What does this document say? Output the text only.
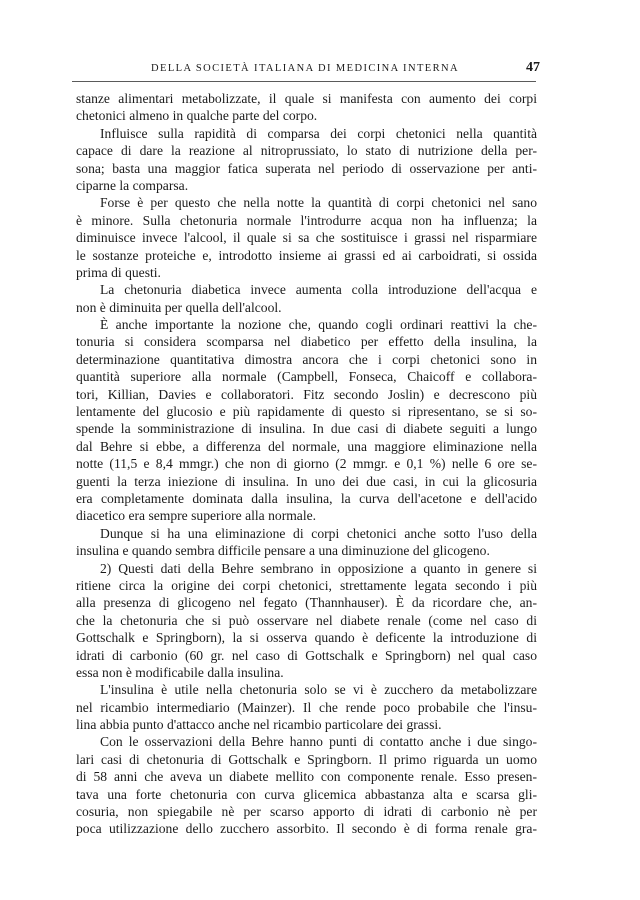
DELLA SOCIETÀ ITALIANA DI MEDICINA INTERNA	47
stanze alimentari metabolizzate, il quale si manifesta con aumento dei corpi
chetonici almeno in qualche parte del corpo.
Influisce sulla rapidità di comparsa dei corpi chetonici nella quantità
capace di dare la reazione al nitroprussiato, lo stato di nutrizione della per-
sona; basta una maggior fatica superata nel periodo di osservazione per anti-
ciparne la comparsa.
Forse è per questo che nella notte la quantità di corpi chetonici nel sano
è minore. Sulla chetonuria normale l'introdurre acqua non ha influenza; la
diminuisce invece l'alcool, il quale si sa che sostituisce i grassi nel risparmiare
le sostanze proteiche e, introdotto insieme ai grassi ed ai carboidrati, si ossida
prima di questi.
La chetonuria diabetica invece aumenta colla introduzione dell'acqua e
non è diminuita per quella dell'alcool.
È anche importante la nozione che, quando cogli ordinari reattivi la che-
tonuria si considera scomparsa nel diabetico per effetto della insulina, la
determinazione quantitativa dimostra ancora che i corpi chetonici sono in
quantità superiore alla normale (Campbell, Fonseca, Chaicoff e collabora-
tori, Killian, Davies e collaboratori. Fitz secondo Joslin) e decrescono più
lentamente del glucosio e più rapidamente di questo si ripresentano, se si so-
spende la somministrazione di insulina. In due casi di diabete seguiti a lungo
dal Behre si ebbe, a differenza del normale, una maggiore eliminazione nella
notte (11,5 e 8,4 mmgr.) che non di giorno (2 mmgr. e 0,1 %) nelle 6 ore se-
guenti la terza iniezione di insulina. In uno dei due casi, in cui la glicosuria
era completamente dominata dalla insulina, la curva dell'acetone e dell'acido
diacetico era sempre superiore alla normale.
Dunque si ha una eliminazione di corpi chetonici anche sotto l'uso della
insulina e quando sembra difficile pensare a una diminuzione del glicogeno.
2) Questi dati della Behre sembrano in opposizione a quanto in genere si
ritiene circa la origine dei corpi chetonici, strettamente legata secondo i più
alla presenza di glicogeno nel fegato (Thannhauser). È da ricordare che, an-
che la chetonuria che si può osservare nel diabete renale (come nel caso di
Gottschalk e Springborn), la si osserva quando è deficente la introduzione di
idrati di carbonio (60 gr. nel caso di Gottschalk e Springborn) nel qual caso
essa non è modificabile dalla insulina.
L'insulina è utile nella chetonuria solo se vi è zucchero da metabolizzare
nel ricambio intermediario (Mainzer). Il che rende poco probabile che l'insu-
lina abbia punto d'attacco anche nel ricambio particolare dei grassi.
Con le osservazioni della Behre hanno punti di contatto anche i due singo-
lari casi di chetonuria di Gottschalk e Springborn. Il primo riguarda un uomo
di 58 anni che aveva un diabete mellito con componente renale. Esso presen-
tava una forte chetonuria con curva glicemica abbastanza alta e scarsa gli-
cosuria, non spiegabile nè per scarso apporto di idrati di carbonio nè per
poca utilizzazione dello zucchero assorbito. Il secondo è di forma renale gra-
